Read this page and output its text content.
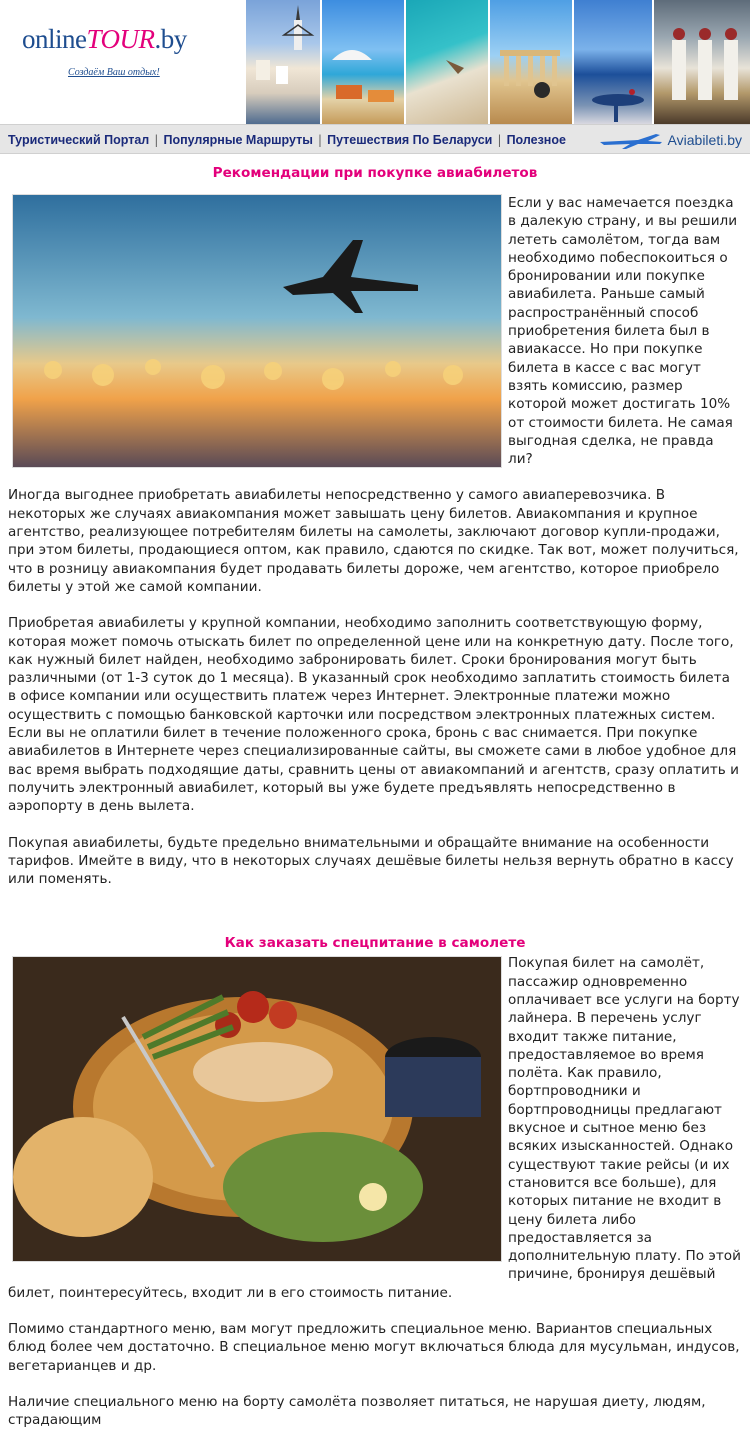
onlineTOUR.by
Создаём Ваш отдых!
Туристический Портал | Популярные Маршруты | Путешествия По Беларуси | Полезное	Aviabileti.by
Рекомендации при покупке авиабилетов

Если у вас намечается поездка в далекую страну, и вы решили лететь самолётом, тогда вам необходимо побеспокоиться о бронировании или покупке авиабилета. Раньше самый распространённый способ приобретения билета был в авиакассе. Но при покупке билета в кассе с вас могут взять комиссию, размер которой может достигать 10% от стоимости билета. Не самая выгодная сделка, не правда ли?

Иногда выгоднее приобретать авиабилеты непосредственно у самого авиаперевозчика. В некоторых же случаях авиакомпания может завышать цену билетов. Авиакомпания и крупное агентство, реализующее потребителям билеты на самолеты, заключают договор купли-продажи, при этом билеты, продающиеся оптом, как правило, сдаются по скидке. Так вот, может получиться, что в розницу авиакомпания будет продавать билеты дороже, чем агентство, которое приобрело билеты у этой же самой компании.

Приобретая авиабилеты у крупной компании, необходимо заполнить соответствующую форму, которая может помочь отыскать билет по определенной цене или на конкретную дату. После того, как нужный билет найден, необходимо забронировать билет. Сроки бронирования могут быть различными (от 1-3 суток до 1 месяца). В указанный срок необходимо заплатить стоимость билета в офисе компании или осуществить платеж через Интернет. Электронные платежи можно осуществить с помощью банковской карточки или посредством электронных платежных систем. Если вы не оплатили билет в течение положенного срока, бронь с вас снимается. При покупке авиабилетов в Интернете через специализированные сайты, вы сможете сами в любое удобное для вас время выбрать подходящие даты, сравнить цены от авиакомпаний и агентств, сразу оплатить и получить электронный авиабилет, который вы уже будете предъявлять непосредственно в аэропорту в день вылета.

Покупая авиабилеты, будьте предельно внимательными и обращайте внимание на особенности тарифов. Имейте в виду, что в некоторых случаях дешёвые билеты нельзя вернуть обратно в кассу или поменять.

Как заказать спецпитание в самолете

Покупая билет на самолёт, пассажир одновременно оплачивает все услуги на борту лайнера. В перечень услуг входит также питание, предоставляемое во время полёта. Как правило, бортпроводники и бортпроводницы предлагают вкусное и сытное меню без всяких изысканностей. Однако существуют такие рейсы (и их становится все больше), для которых питание не входит в цену билета либо предоставляется за дополнительную плату. По этой причине, бронируя дешёвый билет, поинтересуйтесь, входит ли в его стоимость питание.

Помимо стандартного меню, вам могут предложить специальное меню. Вариантов специальных блюд более чем достаточно. В специальное меню могут включаться блюда для мусульман, индусов, вегетарианцев и др.

Наличие специального меню на борту самолёта позволяет питаться, не нарушая диету, людям, страдающим
